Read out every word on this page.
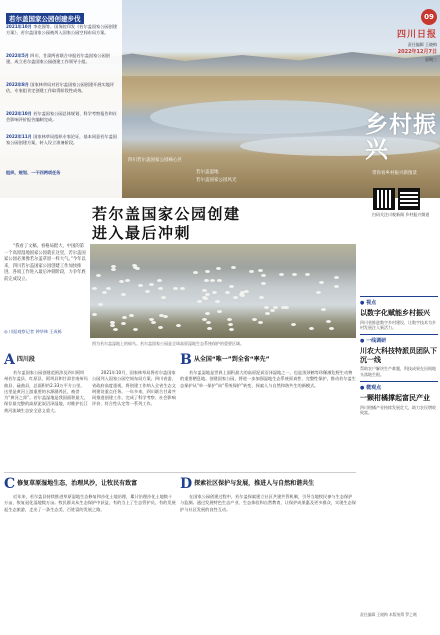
若尔盖国家公园创建步伐
2021年10月 李克强等。国务院印发《若尔盖国家公园创建方案》，若尔盖国家公园被列入国家公园空间布局方案。
2022年5月 四川、甘肃两省联合申报若尔盖国家公园创建，成立若尔盖国家公园创建工作领导小组。
2022年8月 国家林草局对若尔盖国家公园创建开展实地评估，专家组肯定创建工作取得阶段性成效。
2022年10月 若尔盖国家公园总体规划、科学考察报告和社会影响评价报告编制完成。
2022年11月 国家林草局组织专家论证，基本同意若尔盖国家公园创建方案，转入设立准备阶段。
组织、规划、一干四两项任务
09
四川日报
责任编辑 王晓梅
2022年12月7日
星期三
四川若尔盖国家公园核心区
若尔盖湿地
若尔盖国家公园风光
乡村振兴
带你看乡村振兴新图景
扫码关注川观新闻 乡村振兴频道
若尔盖国家公园创建
进入最后冲刺
“我看了文稿，看格局挺大，中国的第一个高原湿地国家公园就在这里，若尔盖国家公园必须像若尔盖草原一样大气。”今年以来，四川若尔盖国家公园创建工作加快推进，各项工作进入最后冲刺阶段，力争年底前完成设立。
◎ 川报观察记者 钟华林 王成栋
图为若尔盖湿地上的候鸟。若尔盖国家公园是全球高原湿地生态系统保护的重要区域。
● 视点
以数字化赋能乡村振兴
四川省推进数字乡村建设，让数字技术为乡村发展注入新活力。
● 一线调研
川农大科技特派员团队下沉一线
帮助农户解决生产难题，科技成果在田间地头落地生根。
● 微观点
一颗柑橘撑起富民产业
四川柑橘产业持续发展壮大，助力农民增收致富。
责任编辑 王晓梅 本版统筹 罗之飏
A四川段
若尔盖国家公园创建范围涉及四川阿坝州若尔盖县、红原县、阿坝县和甘肃甘南州玛曲县、碌曲县，总面积约2.33万平方公里。这里是黄河上游重要的水源涵养区，被誉为“黄河之肾”。若尔盖湿地是我国面积最大、保存最完整的高原泥炭沼泽湿地，对维护长江黄河流域生态安全意义重大。
2021年10月，国家林草局将若尔盖国家公园列入国家公园空间布局方案。四川省委、省政府高度重视，将创建工作纳入全省生态文明建设重点任务。一年多来，四川联合甘肃共同推进创建工作，完成了科学考察、社会影响评价、符合性认定等一系列工作。
B从全国“唯一”到全省“率先”
若尔盖湿地是世界上面积最大的高原泥炭沼泽湿地之一，也是黑颈鹤等珍稀濒危野生动物的重要栖息地。创建国家公园，将进一步加强湿地生态系统原真性、完整性保护，推动若尔盖生态保护从“单一保护”向“系统保护”转变，探索人与自然和谐共生的新模式。
C修复草原湿地生态，治理风沙，让牧民有致富
近年来，若尔盖县持续推进草原湿地生态修复和沙化土地治理，累计治理沙化土地数十万亩，恢复退化湿地数万亩。牧民群众从生态保护中获益，有的当上了生态管护员，有的发展起生态旅游，走出了一条生态美、百姓富的发展之路。
D探索社区保护与发展，推进人与自然和谐共生
在国家公园创建过程中，若尔盖探索建立社区共建共管机制，引导当地牧民参与生态保护与监测。通过发展特色生态产业、生态体验和自然教育，让保护成果惠及更多群众，实现生态保护与社区发展的良性互动。
